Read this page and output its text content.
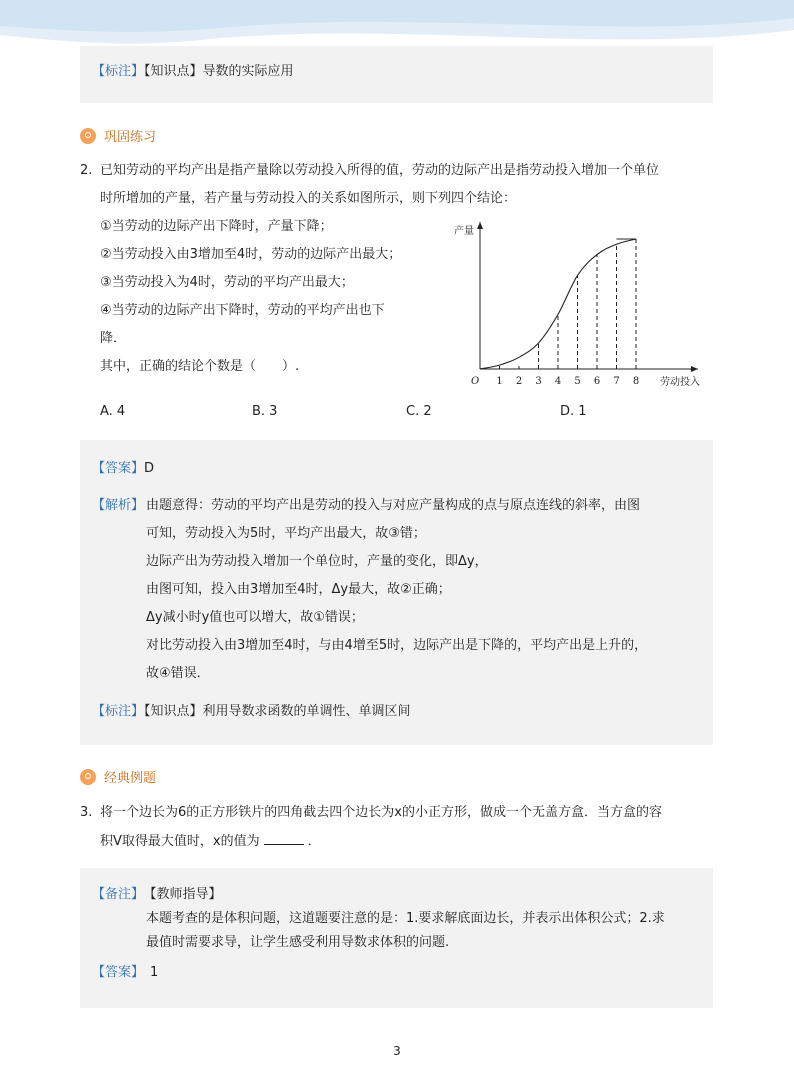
【标注】【知识点】导数的实际应用
巩固练习
2. 已知劳动的平均产出是指产量除以劳动投入所得的值，劳动的边际产出是指劳动投入增加一个单位
时所增加的产量，若产量与劳动投入的关系如图所示，则下列四个结论：
①当劳动的边际产出下降时，产量下降；
②当劳动投入由3增加至4时，劳动的边际产出最大；
③当劳动投入为4时，劳动的平均产出最大；
④当劳动的边际产出下降时，劳动的平均产出也下
降．
其中，正确的结论个数是（　　）.
A. 4	B. 3	C. 2	D. 1
产量
劳动投入
O 1 2 3 4 5 6 7 8
【答案】D
【解析】 由题意得：劳动的平均产出是劳动的投入与对应产量构成的点与原点连线的斜率，由图
可知，劳动投入为5时，平均产出最大，故③错；
边际产出为劳动投入增加一个单位时，产量的变化，即Δy，
由图可知，投入由3增加至4时，Δy最大，故②正确；
Δy减小时y值也可以增大，故①错误；
对比劳动投入由3增加至4时，与由4增至5时，边际产出是下降的，平均产出是上升的，
故④错误．
【标注】【知识点】利用导数求函数的单调性、单调区间
经典例题
3. 将一个边长为6的正方形铁片的四角截去四个边长为x的小正方形，做成一个无盖方盒．当方盒的容
积V取得最大值时，x的值为	．
【备注】 【教师指导】
本题考查的是体积问题，这道题要注意的是：1.要求解底面边长，并表示出体积公式；2.求
最值时需要求导，让学生感受利用导数求体积的问题.
【答案】 1
3
